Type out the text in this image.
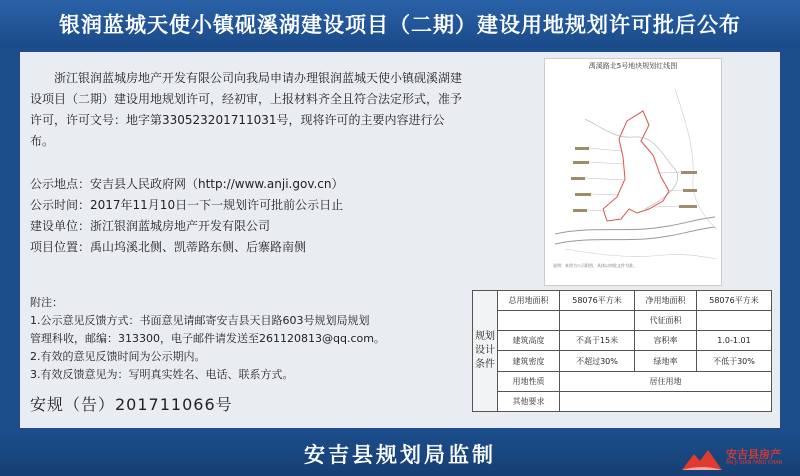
银润蓝城天使小镇砚溪湖建设项目（二期）建设用地规划许可批后公布
浙江银润蓝城房地产开发有限公司向我局申请办理银润蓝城天使小镇砚溪湖建设项目（二期）建设用地规划许可，经初审，上报材料齐全且符合法定形式，准予许可，许可文号：地字第330523201711031号，现将许可的主要内容进行公布。
公示地点：安吉县人民政府网（http://www.anji.gov.cn）
公示时间：2017年11月10日一下一规划许可批前公示日止
建设单位：浙江银润蓝城房地产开发有限公司
项目位置：禹山坞溪北侧、凯蒂路东侧、后寨路南侧
禹溪路北5号地块规划红线图
说明：本图为公示附图，具体以审批文件为准。
附注：
1.公示意见反馈方式：书面意见请邮寄安吉县天目路603号规划局规划
管理科收，邮编：313300，电子邮件请发送至261120813@qq.com。
2.有效的意见反馈时间为公示期内。
3.有效反馈意见为：写明真实姓名、电话、联系方式。
安规（告）201711066号
规划设计条件	总用地面积	58076平方米	净用地面积	58076平方米
			代征面积	
	建筑高度	不高于15米	容积率	1.0-1.01
	建筑密度	不超过30%	绿地率	不低于30%
	用地性质	居住用地		
	其他要求			
安吉县规划局监制	安吉县房产
AN JI XIAN FANG CHAN
